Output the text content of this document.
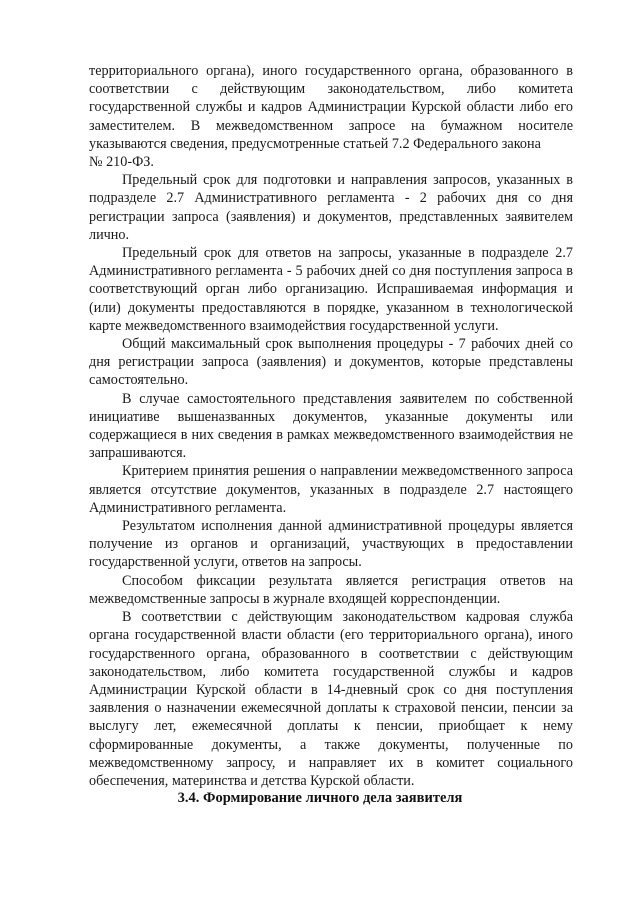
территориального органа), иного государственного органа, образованного в соответствии с действующим законодательством, либо комитета государственной службы и кадров Администрации Курской области либо его заместителем. В межведомственном запросе на бумажном носителе указываются сведения, предусмотренные статьей 7.2 Федерального закона

№ 210-ФЗ.

Предельный срок для подготовки и направления запросов, указанных в подразделе 2.7 Административного регламента - 2 рабочих дня со дня регистрации запроса (заявления) и документов, представленных заявителем лично.

Предельный срок для ответов на запросы, указанные в подразделе 2.7 Административного регламента - 5 рабочих дней со дня поступления запроса в соответствующий орган либо организацию. Испрашиваемая информация и (или) документы предоставляются в порядке, указанном в технологической карте межведомственного взаимодействия государственной услуги.

Общий максимальный срок выполнения процедуры - 7 рабочих дней со дня регистрации запроса (заявления) и документов, которые представлены самостоятельно.

В случае самостоятельного представления заявителем по собственной инициативе вышеназванных документов, указанные документы или содержащиеся в них сведения в рамках межведомственного взаимодействия не запрашиваются.

Критерием принятия решения о направлении межведомственного запроса является отсутствие документов, указанных в подразделе 2.7 настоящего Административного регламента.

Результатом исполнения данной административной процедуры является получение из органов и организаций, участвующих в предоставлении государственной услуги, ответов на запросы.

Способом фиксации результата является регистрация ответов на межведомственные запросы в журнале входящей корреспонденции.

В соответствии с действующим законодательством кадровая служба органа государственной власти области (его территориального органа), иного государственного органа, образованного в соответствии с действующим законодательством, либо комитета государственной службы и кадров Администрации Курской области в 14-дневный срок со дня поступления заявления о назначении ежемесячной доплаты к страховой пенсии, пенсии за выслугу лет, ежемесячной доплаты к пенсии, приобщает к нему сформированные документы, а также документы, полученные по межведомственному запросу, и направляет их в комитет социального обеспечения, материнства и детства Курской области.

3.4. Формирование личного дела заявителя
